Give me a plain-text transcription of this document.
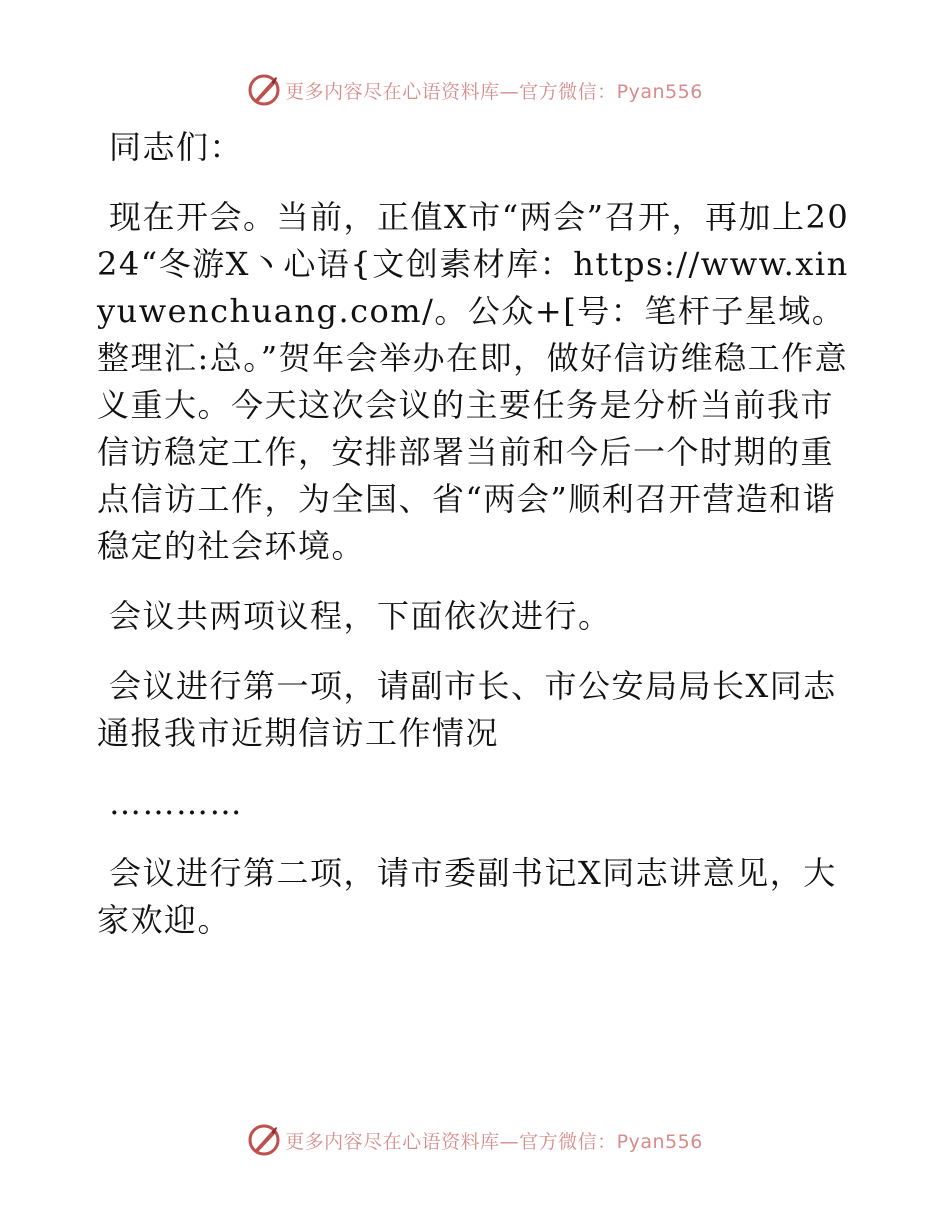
更多内容尽在心语资料库—官方微信：Pyan556

同志们：

现在开会。当前，正值X市“两会”召开，再加上2024“冬游X丶心语{文创素材库：https://www.xinyuwenchuang.com/。公众+[号：笔杆子星域。整理汇:总。”贺年会举办在即，做好信访维稳工作意义重大。今天这次会议的主要任务是分析当前我市信访稳定工作，安排部署当前和今后一个时期的重点信访工作，为全国、省“两会”顺利召开营造和谐稳定的社会环境。

会议共两项议程，下面依次进行。

会议进行第一项，请副市长、市公安局局长X同志通报我市近期信访工作情况

…………

会议进行第二项，请市委副书记X同志讲意见，大家欢迎。

更多内容尽在心语资料库—官方微信：Pyan556
